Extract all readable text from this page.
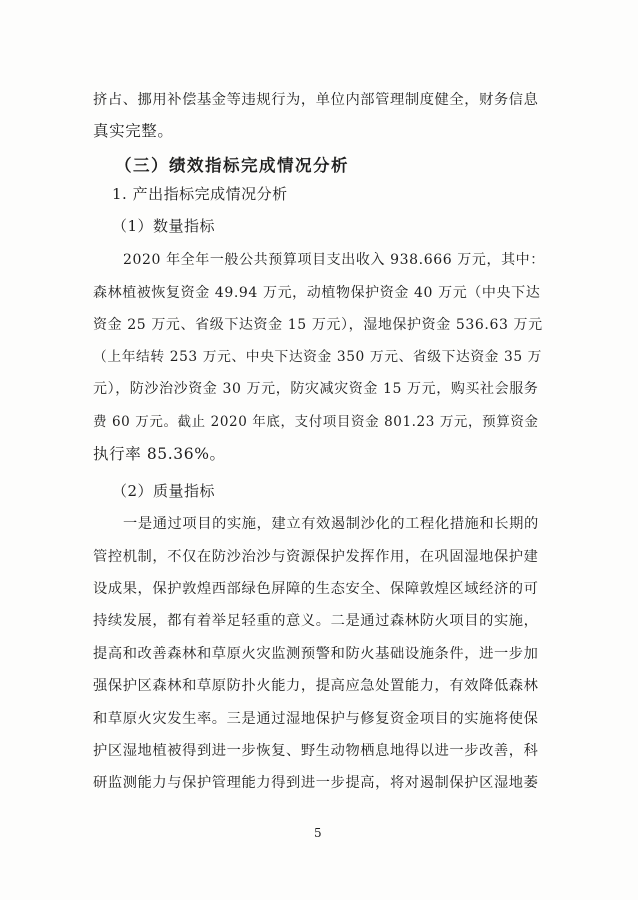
挤占、挪用补偿基金等违规行为，单位内部管理制度健全，财务信息
真实完整。
（三）绩效指标完成情况分析
1. 产出指标完成情况分析
（1）数量指标
2020 年全年一般公共预算项目支出收入 938.666 万元，其中：
森林植被恢复资金 49.94 万元，动植物保护资金 40 万元（中央下达
资金 25 万元、省级下达资金 15 万元），湿地保护资金 536.63 万元
（上年结转 253 万元、中央下达资金 350 万元、省级下达资金 35 万
元），防沙治沙资金 30 万元，防灾减灾资金 15 万元，购买社会服务
费 60 万元。截止 2020 年底，支付项目资金 801.23 万元，预算资金
执行率 85.36%。
（2）质量指标
一是通过项目的实施，建立有效遏制沙化的工程化措施和长期的
管控机制，不仅在防沙治沙与资源保护发挥作用，在巩固湿地保护建
设成果，保护敦煌西部绿色屏障的生态安全、保障敦煌区域经济的可
持续发展，都有着举足轻重的意义。二是通过森林防火项目的实施，
提高和改善森林和草原火灾监测预警和防火基础设施条件，进一步加
强保护区森林和草原防扑火能力，提高应急处置能力，有效降低森林
和草原火灾发生率。三是通过湿地保护与修复资金项目的实施将使保
护区湿地植被得到进一步恢复、野生动物栖息地得以进一步改善，科
研监测能力与保护管理能力得到进一步提高，将对遏制保护区湿地萎
5
